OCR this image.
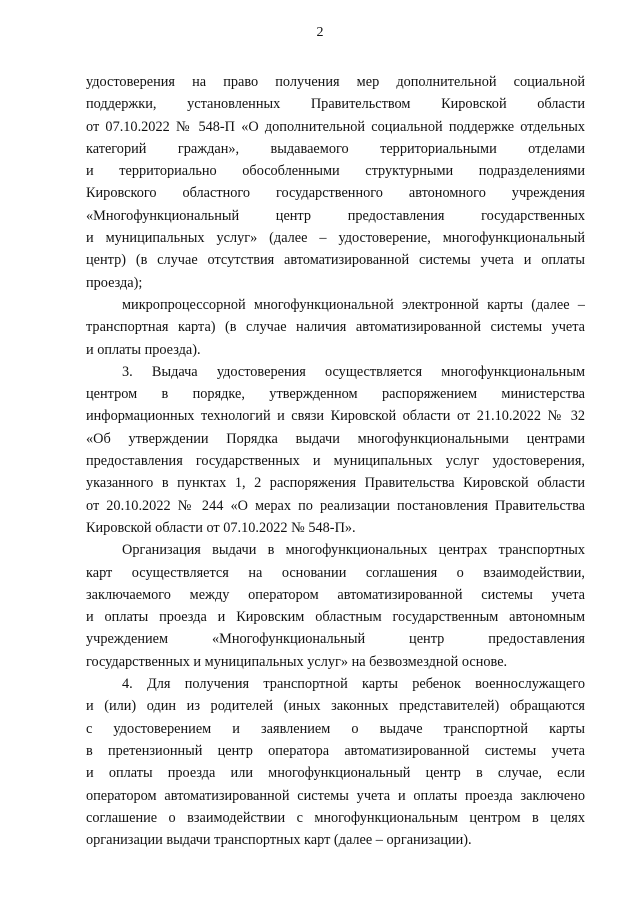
2
удостоверения на право получения мер дополнительной социальной
поддержки, установленных Правительством Кировской области
от 07.10.2022 № 548-П «О дополнительной социальной поддержке отдельных
категорий граждан», выдаваемого территориальными отделами
и территориально обособленными структурными подразделениями
Кировского областного государственного автономного учреждения
«Многофункциональный центр предоставления государственных
и муниципальных услуг» (далее – удостоверение, многофункциональный
центр) (в случае отсутствия автоматизированной системы учета и оплаты
проезда);
микропроцессорной многофункциональной электронной карты (далее –
транспортная карта) (в случае наличия автоматизированной системы учета
и оплаты проезда).
3. Выдача удостоверения осуществляется многофункциональным
центром в порядке, утвержденном распоряжением министерства
информационных технологий и связи Кировской области от 21.10.2022 № 32
«Об утверждении Порядка выдачи многофункциональными центрами
предоставления государственных и муниципальных услуг удостоверения,
указанного в пунктах 1, 2 распоряжения Правительства Кировской области
от 20.10.2022 № 244 «О мерах по реализации постановления Правительства
Кировской области от 07.10.2022 № 548-П».
Организация выдачи в многофункциональных центрах транспортных
карт осуществляется на основании соглашения о взаимодействии,
заключаемого между оператором автоматизированной системы учета
и оплаты проезда и Кировским областным государственным автономным
учреждением «Многофункциональный центр предоставления
государственных и муниципальных услуг» на безвозмездной основе.
4. Для получения транспортной карты ребенок военнослужащего
и (или) один из родителей (иных законных представителей) обращаются
с удостоверением и заявлением о выдаче транспортной карты
в претензионный центр оператора автоматизированной системы учета
и оплаты проезда или многофункциональный центр в случае, если
оператором автоматизированной системы учета и оплаты проезда заключено
соглашение о взаимодействии с многофункциональным центром в целях
организации выдачи транспортных карт (далее – организации).
